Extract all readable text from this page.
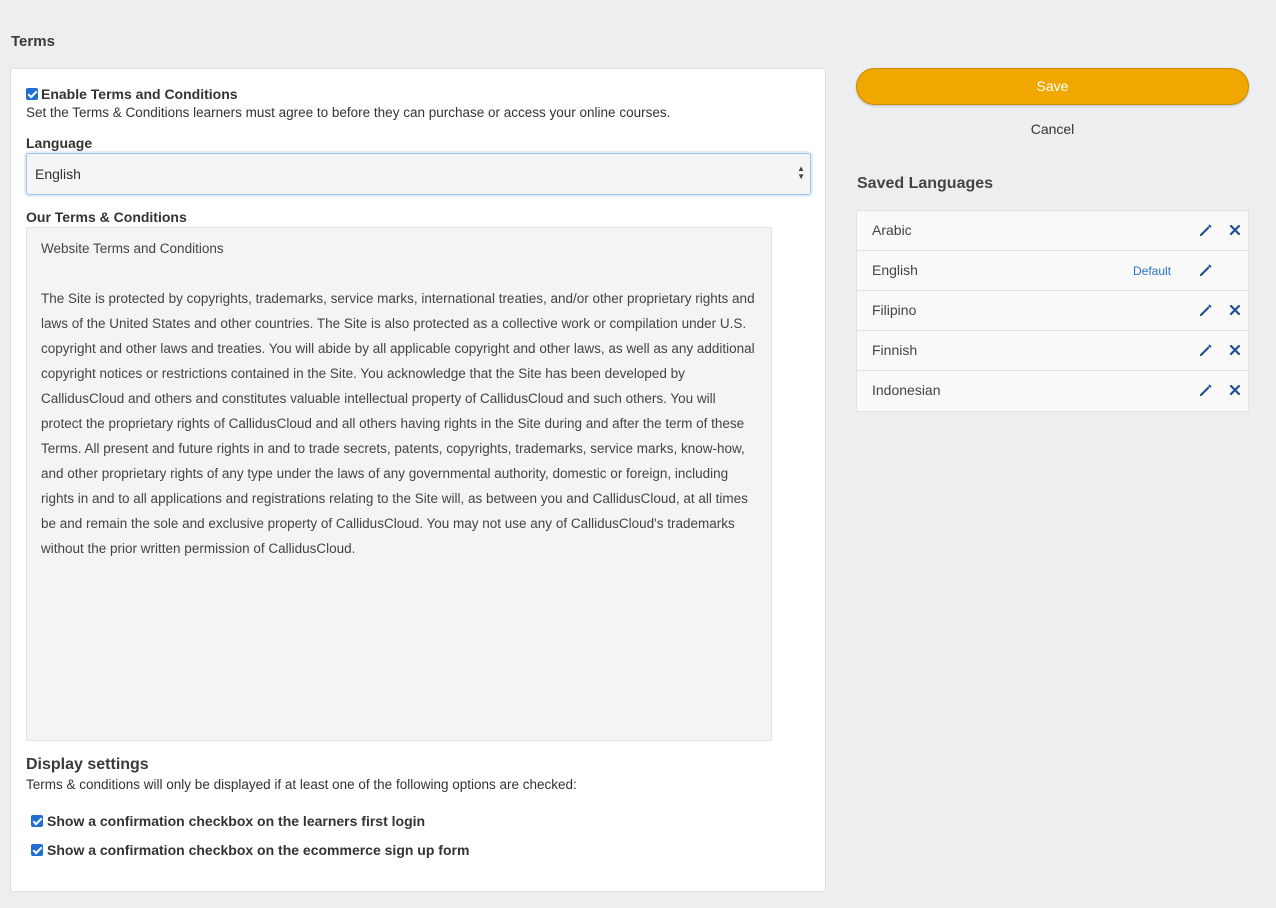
Terms
Enable Terms and Conditions
Set the Terms & Conditions learners must agree to before they can purchase or access your online courses.
Language
English	▲
▼
Our Terms & Conditions

Website Terms and Conditions

The Site is protected by copyrights, trademarks, service marks, international treaties, and/or other proprietary rights and laws of the United States and other countries. The Site is also protected as a collective work or compilation under U.S. copyright and other laws and treaties. You will abide by all applicable copyright and other laws, as well as any additional copyright notices or restrictions contained in the Site. You acknowledge that the Site has been developed by CallidusCloud and others and constitutes valuable intellectual property of CallidusCloud and such others. You will protect the proprietary rights of CallidusCloud and all others having rights in the Site during and after the term of these Terms. All present and future rights in and to trade secrets, patents, copyrights, trademarks, service marks, know-how, and other proprietary rights of any type under the laws of any governmental authority, domestic or foreign, including rights in and to all applications and registrations relating to the Site will, as between you and CallidusCloud, at all times be and remain the sole and exclusive property of CallidusCloud. You may not use any of CallidusCloud's trademarks without the prior written permission of CallidusCloud.

Display settings
Terms & conditions will only be displayed if at least one of the following options are checked:
Show a confirmation checkbox on the learners first login
Show a confirmation checkbox on the ecommerce sign up form
Save
Cancel
Saved Languages
Arabic
English	Default
Filipino
Finnish
Indonesian
